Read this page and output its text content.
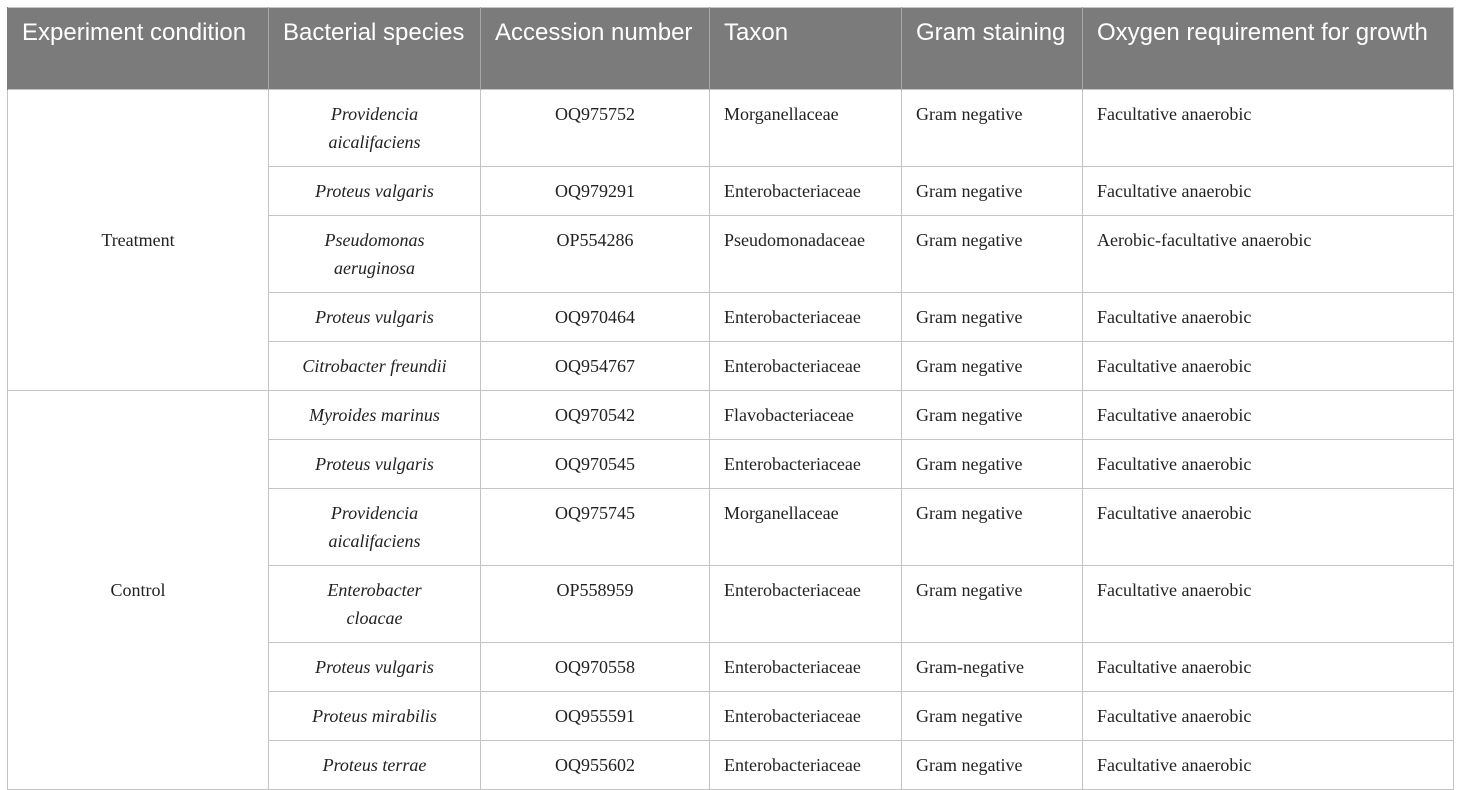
Experiment condition	Bacterial species	Accession number	Taxon	Gram staining	Oxygen requirement for growth
Treatment	Providencia aicalifaciens	OQ975752	Morganellaceae	Gram negative	Facultative anaerobic
	Proteus valgaris	OQ979291	Enterobacteriaceae	Gram negative	Facultative anaerobic
	Pseudomonas aeruginosa	OP554286	Pseudomonadaceae	Gram negative	Aerobic-facultative anaerobic
	Proteus vulgaris	OQ970464	Enterobacteriaceae	Gram negative	Facultative anaerobic
	Citrobacter freundii	OQ954767	Enterobacteriaceae	Gram negative	Facultative anaerobic
Control	Myroides marinus	OQ970542	Flavobacteriaceae	Gram negative	Facultative anaerobic
	Proteus vulgaris	OQ970545	Enterobacteriaceae	Gram negative	Facultative anaerobic
	Providencia aicalifaciens	OQ975745	Morganellaceae	Gram negative	Facultative anaerobic
	Enterobacter cloacae	OP558959	Enterobacteriaceae	Gram negative	Facultative anaerobic
	Proteus vulgaris	OQ970558	Enterobacteriaceae	Gram-negative	Facultative anaerobic
	Proteus mirabilis	OQ955591	Enterobacteriaceae	Gram negative	Facultative anaerobic
	Proteus terrae	OQ955602	Enterobacteriaceae	Gram negative	Facultative anaerobic
